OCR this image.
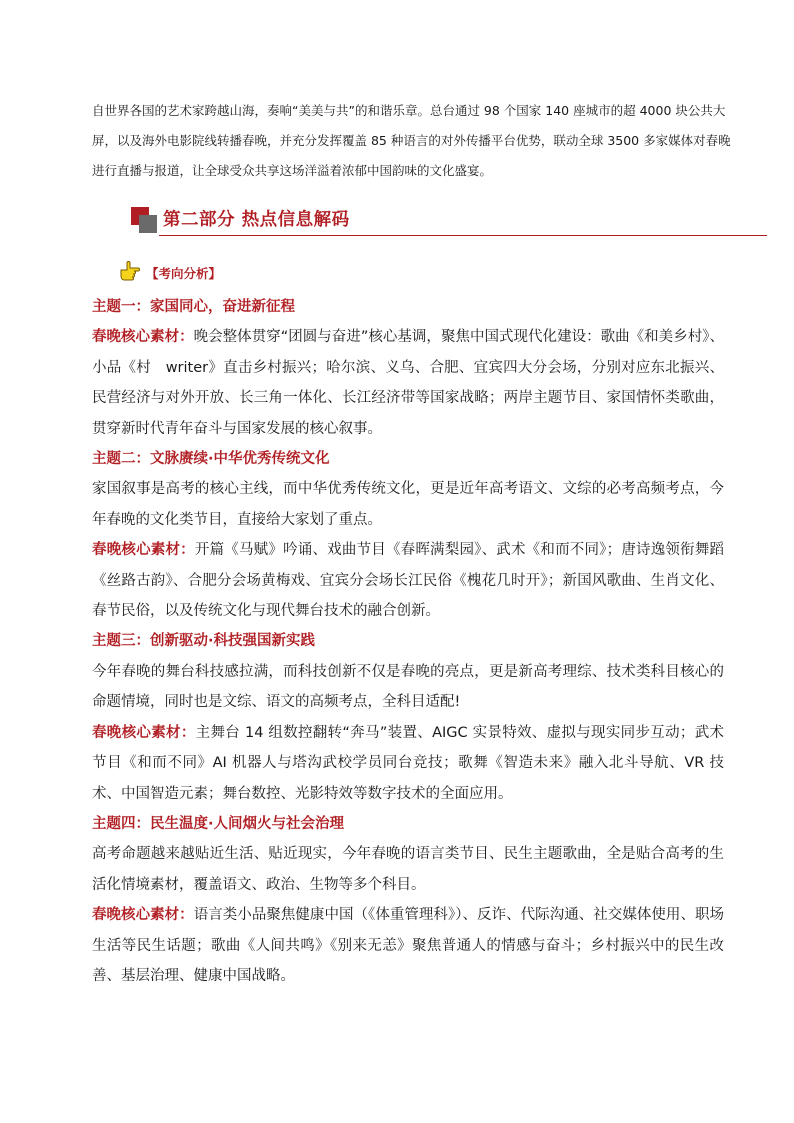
自世界各国的艺术家跨越山海，奏响“美美与共”的和谐乐章。总台通过 98 个国家 140 座城市的超 4000 块公共大屏，以及海外电影院线转播春晚，并充分发挥覆盖 85 种语言的对外传播平台优势，联动全球 3500 多家媒体对春晚进行直播与报道，让全球受众共享这场洋溢着浓郁中国韵味的文化盛宴。

第二部分 热点信息解码
【考向分析】

主题一：家国同心，奋进新征程

春晚核心素材：晚会整体贯穿“团圆与奋进”核心基调，聚焦中国式现代化建设：歌曲《和美乡村》、小品《村　writer》直击乡村振兴；哈尔滨、义乌、合肥、宜宾四大分会场，分别对应东北振兴、民营经济与对外开放、长三角一体化、长江经济带等国家战略；两岸主题节目、家国情怀类歌曲，贯穿新时代青年奋斗与国家发展的核心叙事。

主题二：文脉赓续·中华优秀传统文化

家国叙事是高考的核心主线，而中华优秀传统文化，更是近年高考语文、文综的必考高频考点，今年春晚的文化类节目，直接给大家划了重点。

春晚核心素材：开篇《马赋》吟诵、戏曲节目《春晖满梨园》、武术《和而不同》；唐诗逸领衔舞蹈《丝路古韵》、合肥分会场黄梅戏、宜宾分会场长江民俗《槐花几时开》；新国风歌曲、生肖文化、春节民俗，以及传统文化与现代舞台技术的融合创新。

主题三：创新驱动·科技强国新实践

今年春晚的舞台科技感拉满，而科技创新不仅是春晚的亮点，更是新高考理综、技术类科目核心的命题情境，同时也是文综、语文的高频考点，全科目适配!

春晚核心素材：主舞台 14 组数控翻转“奔马”装置、AIGC 实景特效、虚拟与现实同步互动；武术节目《和而不同》AI 机器人与塔沟武校学员同台竞技；歌舞《智造未来》融入北斗导航、VR 技术、中国智造元素；舞台数控、光影特效等数字技术的全面应用。

主题四：民生温度·人间烟火与社会治理

高考命题越来越贴近生活、贴近现实，今年春晚的语言类节目、民生主题歌曲，全是贴合高考的生活化情境素材，覆盖语文、政治、生物等多个科目。

春晚核心素材：语言类小品聚焦健康中国（《体重管理科》）、反诈、代际沟通、社交媒体使用、职场生活等民生话题；歌曲《人间共鸣》《别来无恙》聚焦普通人的情感与奋斗；乡村振兴中的民生改善、基层治理、健康中国战略。
